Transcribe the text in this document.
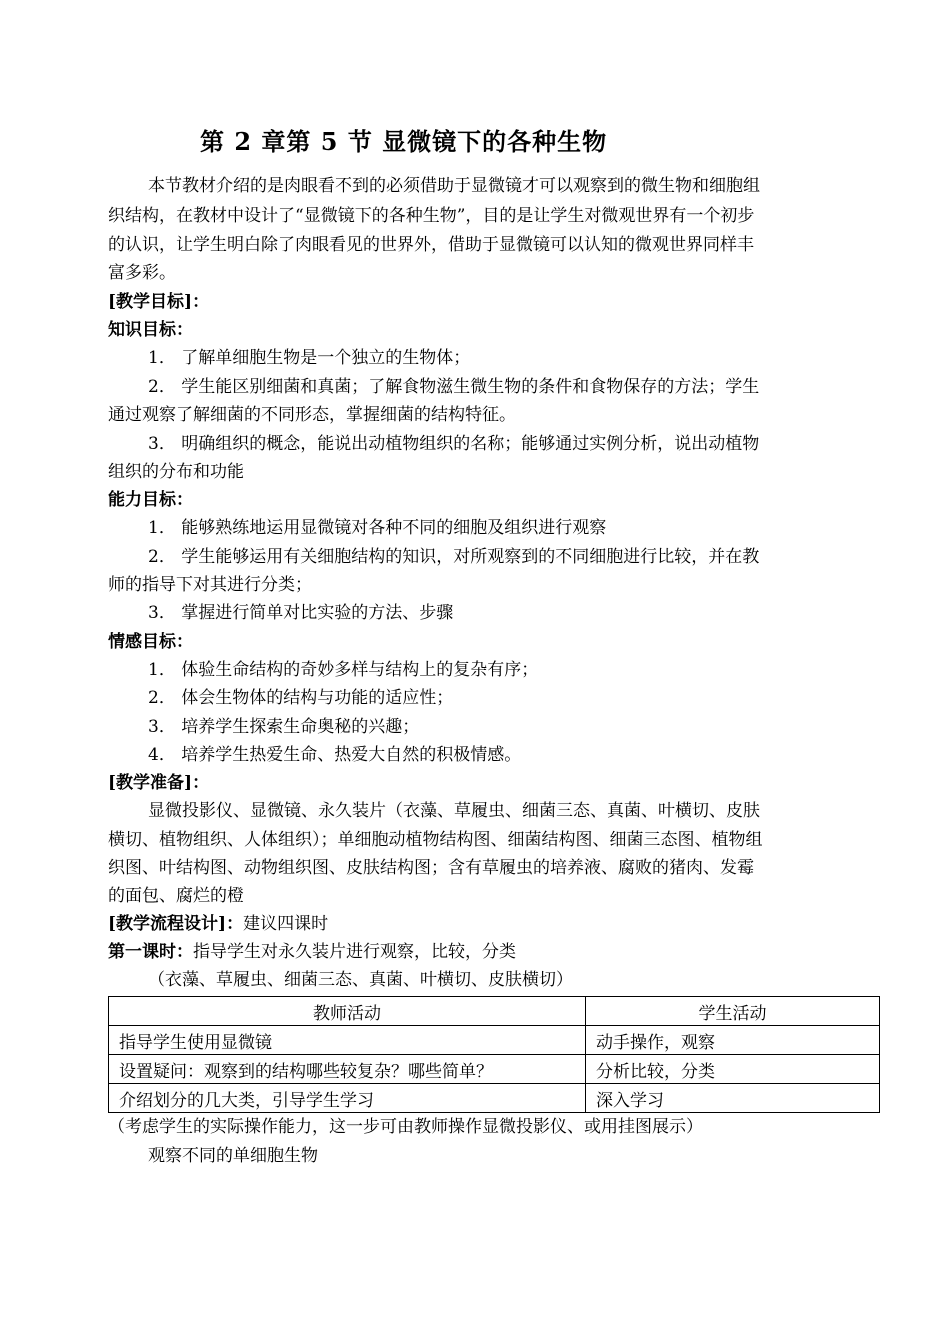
第 2 章第 5 节 显微镜下的各种生物
本节教材介绍的是肉眼看不到的必须借助于显微镜才可以观察到的微生物和细胞组
织结构，在教材中设计了“显微镜下的各种生物”，目的是让学生对微观世界有一个初步
的认识，让学生明白除了肉眼看见的世界外，借助于显微镜可以认知的微观世界同样丰
富多彩。
[教学目标]：
知识目标：
1． 了解单细胞生物是一个独立的生物体；
2． 学生能区别细菌和真菌；了解食物滋生微生物的条件和食物保存的方法；学生
通过观察了解细菌的不同形态，掌握细菌的结构特征。
3． 明确组织的概念，能说出动植物组织的名称；能够通过实例分析，说出动植物
组织的分布和功能
能力目标：
1． 能够熟练地运用显微镜对各种不同的细胞及组织进行观察
2． 学生能够运用有关细胞结构的知识，对所观察到的不同细胞进行比较，并在教
师的指导下对其进行分类；
3． 掌握进行简单对比实验的方法、步骤
情感目标：
1． 体验生命结构的奇妙多样与结构上的复杂有序；
2． 体会生物体的结构与功能的适应性；
3． 培养学生探索生命奥秘的兴趣；
4． 培养学生热爱生命、热爱大自然的积极情感。
[教学准备]：
显微投影仪、显微镜、永久装片（衣藻、草履虫、细菌三态、真菌、叶横切、皮肤
横切、植物组织、人体组织）；单细胞动植物结构图、细菌结构图、细菌三态图、植物组
织图、叶结构图、动物组织图、皮肤结构图；含有草履虫的培养液、腐败的猪肉、发霉
的面包、腐烂的橙
[教学流程设计]：建议四课时
第一课时：指导学生对永久装片进行观察，比较，分类
（衣藻、草履虫、细菌三态、真菌、叶横切、皮肤横切）
教师活动	学生活动
指导学生使用显微镜	动手操作，观察
设置疑问：观察到的结构哪些较复杂？哪些简单？	分析比较，分类
介绍划分的几大类，引导学生学习	深入学习
（考虑学生的实际操作能力，这一步可由教师操作显微投影仪、或用挂图展示）
观察不同的单细胞生物
